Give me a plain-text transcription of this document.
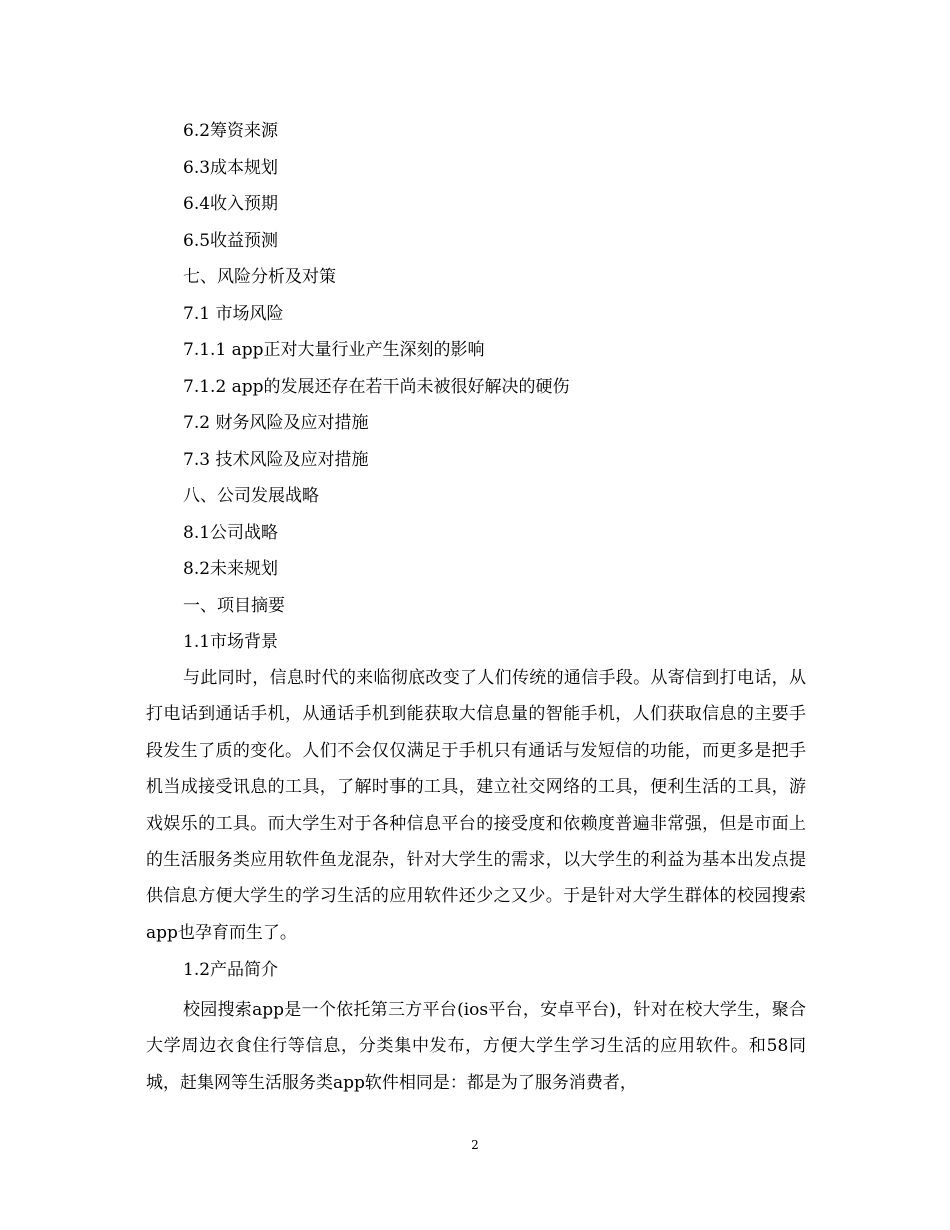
6.2筹资来源
6.3成本规划
6.4收入预期
6.5收益预测
七、风险分析及对策
7.1 市场风险
7.1.1 app正对大量行业产生深刻的影响
7.1.2 app的发展还存在若干尚未被很好解决的硬伤
7.2 财务风险及应对措施
7.3 技术风险及应对措施
八、公司发展战略
8.1公司战略
8.2未来规划
一、项目摘要
1.1市场背景

与此同时，信息时代的来临彻底改变了人们传统的通信手段。从寄信到打电话，从打电话到通话手机，从通话手机到能获取大信息量的智能手机，人们获取信息的主要手段发生了质的变化。人们不会仅仅满足于手机只有通话与发短信的功能，而更多是把手机当成接受讯息的工具，了解时事的工具，建立社交网络的工具，便利生活的工具，游戏娱乐的工具。而大学生对于各种信息平台的接受度和依赖度普遍非常强，但是市面上的生活服务类应用软件鱼龙混杂，针对大学生的需求，以大学生的利益为基本出发点提供信息方便大学生的学习生活的应用软件还少之又少。于是针对大学生群体的校园搜索app也孕育而生了。

1.2产品简介

校园搜索app是一个依托第三方平台(ios平台，安卓平台)，针对在校大学生，聚合大学周边衣食住行等信息，分类集中发布，方便大学生学习生活的应用软件。和58同城，赶集网等生活服务类app软件相同是：都是为了服务消费者，

2
